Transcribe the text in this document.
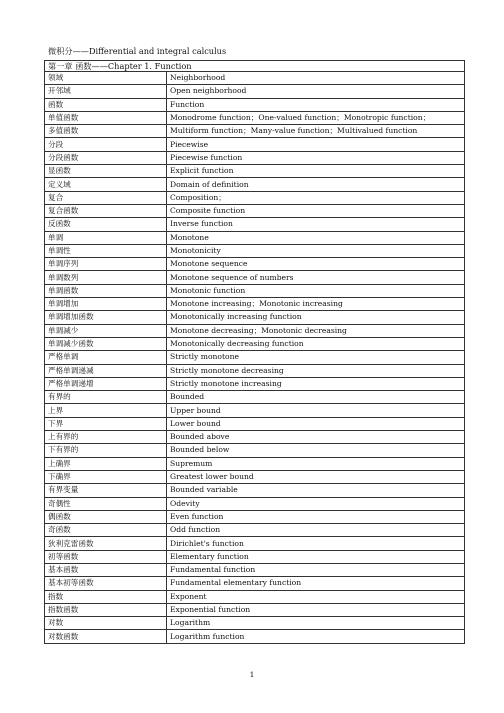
微积分——Differential and integral calculus
第一章 函数——Chapter 1. Function
领域	Neighborhood
开邻域	Open neighborhood
函数	Function
单值函数	Monodrome function；One-valued function；Monotropic function；
多值函数	Multiform function；Many-value function；Multivalued function
分段	Piecewise
分段函数	Piecewise function
显函数	Explicit function
定义域	Domain of definition
复合	Composition；
复合函数	Composite function
反函数	Inverse function
单调	Monotone
单调性	Monotonicity
单调序列	Monotone sequence
单调数列	Monotone sequence of numbers
单调函数	Monotonic function
单调增加	Monotone increasing；Monotonic increasing
单调增加函数	Monotonically increasing function
单调减少	Monotone decreasing；Monotonic decreasing
单调减少函数	Monotonically decreasing function
严格单调	Strictly monotone
严格单调递减	Strictly monotone decreasing
严格单调递增	Strictly monotone increasing
有界的	Bounded
上界	Upper bound
下界	Lower bound
上有界的	Bounded above
下有界的	Bounded below
上确界	Supremum
下确界	Greatest lower bound
有界变量	Bounded variable
奇偶性	Odevity
偶函数	Even function
奇函数	Odd function
狄利克雷函数	Dirichlet's function
初等函数	Elementary function
基本函数	Fundamental function
基本初等函数	Fundamental elementary function
指数	Exponent
指数函数	Exponential function
对数	Logarithm
对数函数	Logarithm function
1
